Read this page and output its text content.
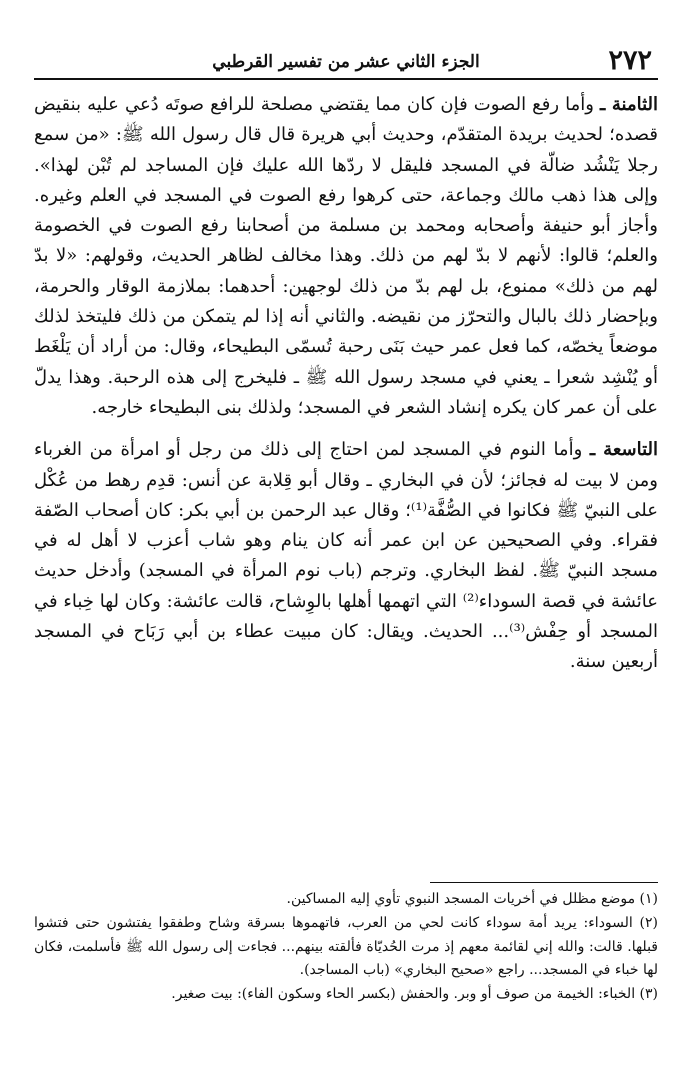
٢٧٢
الجزء الثاني عشر من تفسير القرطبي

الثامنة ـ وأما رفع الصوت فإن كان مما يقتضي مصلحة للرافع صوتَه دُعي عليه بنقيض قصده؛ لحديث بريدة المتقدّم، وحديث أبي هريرة قال قال رسول الله ﷺ: «من سمع رجلا يَنْشُد ضالّة في المسجد فليقل لا ردّها الله عليك فإن المساجد لم تُبْن لهذا». وإلى هذا ذهب مالك وجماعة، حتى كرهوا رفع الصوت في المسجد في العلم وغيره. وأجاز أبو حنيفة وأصحابه ومحمد بن مسلمة من أصحابنا رفع الصوت في الخصومة والعلم؛ قالوا: لأنهم لا بدّ لهم من ذلك. وهذا مخالف لظاهر الحديث، وقولهم: «لا بدّ لهم من ذلك» ممنوع، بل لهم بدّ من ذلك لوجهين: أحدهما: بملازمة الوقار والحرمة، وبإحضار ذلك بالبال والتحرّز من نقيضه. والثاني أنه إذا لم يتمكن من ذلك فليتخذ لذلك موضعاً يخصّه، كما فعل عمر حيث بَنَى رحبة تُسمّى البطيحاء، وقال: من أراد أن يَلْغَط أو يُنْشِد شعرا ـ يعني في مسجد رسول الله ﷺ ـ فليخرج إلى هذه الرحبة. وهذا يدلّ على أن عمر كان يكره إنشاد الشعر في المسجد؛ ولذلك بنى البطيحاء خارجه.

التاسعة ـ وأما النوم في المسجد لمن احتاج إلى ذلك من رجل أو امرأة من الغرباء ومن لا بيت له فجائز؛ لأن في البخاري ـ وقال أبو قِلابة عن أنس: قدِم رهط من عُكْل على النبيّ ﷺ فكانوا في الصُّفَّة⁽¹⁾؛ وقال عبد الرحمن بن أبي بكر: كان أصحاب الصّفة فقراء. وفي الصحيحين عن ابن عمر أنه كان ينام وهو شاب أعزب لا أهل له في مسجد النبيّ ﷺ. لفظ البخاري. وترجم (باب نوم المرأة في المسجد) وأدخل حديث عائشة في قصة السوداء⁽²⁾ التي اتهمها أهلها بالوِشاح، قالت عائشة: وكان لها خِباء في المسجد أو حِفْش⁽³⁾... الحديث. ويقال: كان مبيت عطاء بن أبي رَبَاح في المسجد أربعين سنة.

(١) موضع مظلل في أخريات المسجد النبوي تأوي إليه المساكين.

(٢) السوداء: يريد أمة سوداء كانت لحي من العرب، فاتهموها بسرقة وشاح وطفقوا يفتشون حتى فتشوا قبلها. قالت: والله إني لقائمة معهم إذ مرت الحُديّاة فألقته بينهم... فجاءت إلى رسول الله ﷺ فأسلمت، فكان لها خباء في المسجد... راجع «صحيح البخاري» (باب المساجد).

(٣) الخباء: الخيمة من صوف أو وبر. والحفش (بكسر الحاء وسكون الفاء): بيت صغير.
